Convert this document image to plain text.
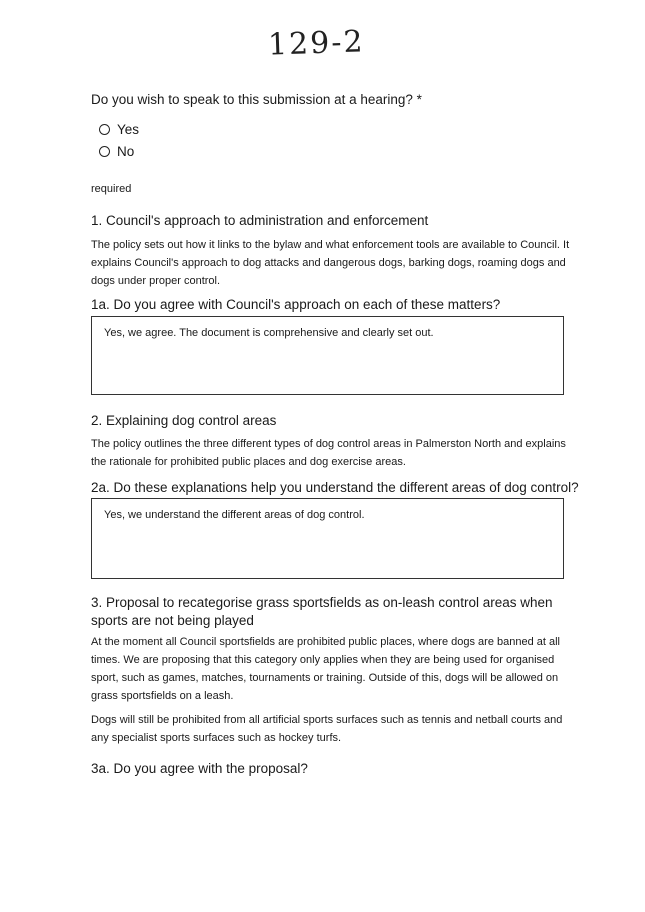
129-2
Do you wish to speak to this submission at a hearing? *
Yes
No
required
1. Council's approach to administration and enforcement
The policy sets out how it links to the bylaw and what enforcement tools are available to Council. It explains Council's approach to dog attacks and dangerous dogs, barking dogs, roaming dogs and dogs under proper control.
1a. Do you agree with Council's approach on each of these matters?
Yes, we agree. The document is comprehensive and clearly set out.
2. Explaining dog control areas
The policy outlines the three different types of dog control areas in Palmerston North and explains the rationale for prohibited public places and dog exercise areas.
2a. Do these explanations help you understand the different areas of dog control?
Yes, we understand the different areas of dog control.
3. Proposal to recategorise grass sportsfields as on-leash control areas when sports are not being played
At the moment all Council sportsfields are prohibited public places, where dogs are banned at all times. We are proposing that this category only applies when they are being used for organised sport, such as games, matches, tournaments or training. Outside of this, dogs will be allowed on grass sportsfields on a leash.
Dogs will still be prohibited from all artificial sports surfaces such as tennis and netball courts and any specialist sports surfaces such as hockey turfs.
3a. Do you agree with the proposal?
